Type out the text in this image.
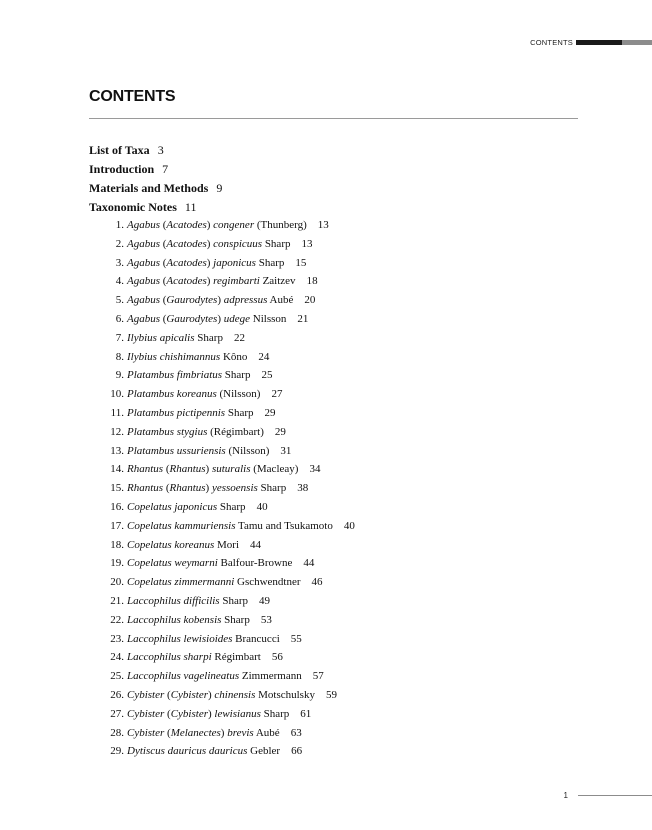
CONTENTS
CONTENTS
List of Taxa 3
Introduction 7
Materials and Methods 9
Taxonomic Notes 11
1. Agabus (Acatodes) congener (Thunberg) 13
2. Agabus (Acatodes) conspicuus Sharp 13
3. Agabus (Acatodes) japonicus Sharp 15
4. Agabus (Acatodes) regimbarti Zaitzev 18
5. Agabus (Gaurodytes) adpressus Aubé 20
6. Agabus (Gaurodytes) udege Nilsson 21
7. Ilybius apicalis Sharp 22
8. Ilybius chishimannus Kôno 24
9. Platambus fimbriatus Sharp 25
10. Platambus koreanus (Nilsson) 27
11. Platambus pictipennis Sharp 29
12. Platambus stygius (Régimbart) 29
13. Platambus ussuriensis (Nilsson) 31
14. Rhantus (Rhantus) suturalis (Macleay) 34
15. Rhantus (Rhantus) yessoensis Sharp 38
16. Copelatus japonicus Sharp 40
17. Copelatus kammuriensis Tamu and Tsukamoto 40
18. Copelatus koreanus Mori 44
19. Copelatus weymarni Balfour-Browne 44
20. Copelatus zimmermanni Gschwendtner 46
21. Laccophilus difficilis Sharp 49
22. Laccophilus kobensis Sharp 53
23. Laccophilus lewisioides Brancucci 55
24. Laccophilus sharpi Régimbart 56
25. Laccophilus vagelineatus Zimmermann 57
26. Cybister (Cybister) chinensis Motschulsky 59
27. Cybister (Cybister) lewisianus Sharp 61
28. Cybister (Melanectes) brevis Aubé 63
29. Dytiscus dauricus dauricus Gebler 66
1
